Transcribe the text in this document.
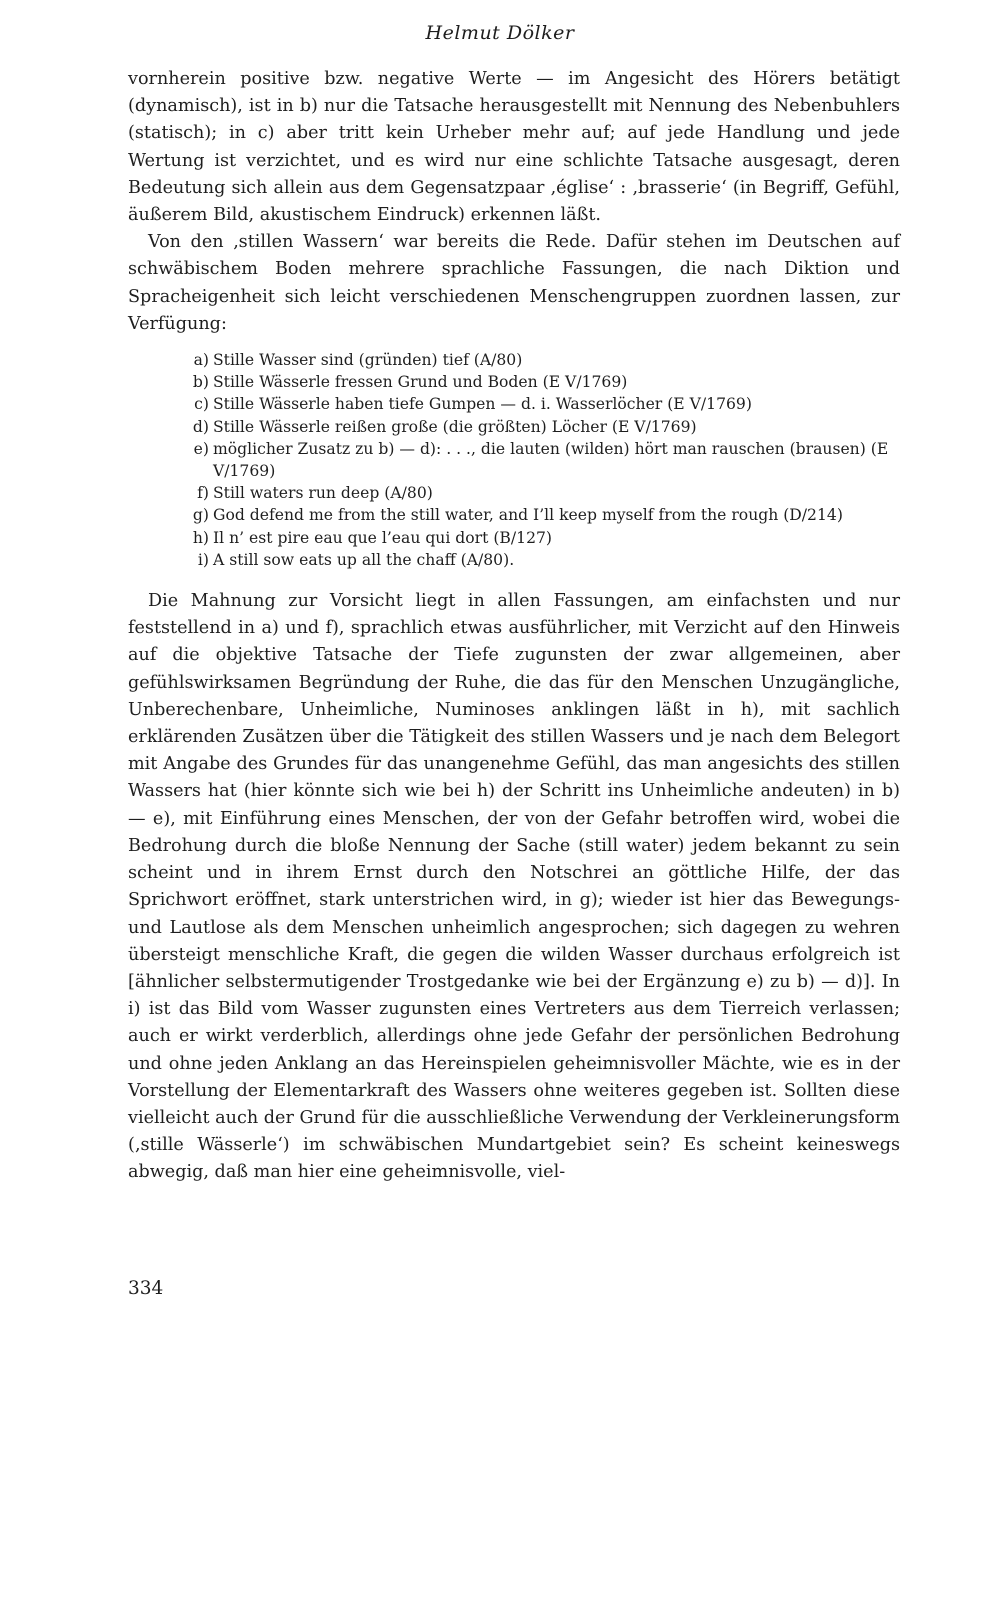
Helmut Dölker

vornherein positive bzw. negative Werte — im Angesicht des Hörers betätigt (dynamisch), ist in b) nur die Tatsache herausgestellt mit Nennung des Nebenbuhlers (statisch); in c) aber tritt kein Urheber mehr auf; auf jede Handlung und jede Wertung ist verzichtet, und es wird nur eine schlichte Tatsache ausgesagt, deren Bedeutung sich allein aus dem Gegensatzpaar ‚église‘ : ‚brasserie‘ (in Begriff, Gefühl, äußerem Bild, akustischem Eindruck) erkennen läßt.

Von den ‚stillen Wassern‘ war bereits die Rede. Dafür stehen im Deutschen auf schwäbischem Boden mehrere sprachliche Fassungen, die nach Diktion und Spracheigenheit sich leicht verschiedenen Menschengruppen zuordnen lassen, zur Verfügung:

a ) Stille Wasser sind (gründen) tief (A/80)
b ) Stille Wässerle fressen Grund und Boden (E V/1769)
c ) Stille Wässerle haben tiefe Gumpen — d. i. Wasserlöcher (E V/1769)
d ) Stille Wässerle reißen große (die größten) Löcher (E V/1769)
e ) möglicher Zusatz zu b) — d): . . ., die lauten (wilden) hört man rauschen (brausen) (E V/1769)
f ) Still waters run deep (A/80)
g ) God defend me from the still water, and I’ll keep myself from the rough (D/214)
h ) Il n’ est pire eau que l’eau qui dort (B/127)
i ) A still sow eats up all the chaff (A/80).

Die Mahnung zur Vorsicht liegt in allen Fassungen, am einfachsten und nur feststellend in a) und f), sprachlich etwas ausführlicher, mit Verzicht auf den Hinweis auf die objektive Tatsache der Tiefe zugunsten der zwar allgemeinen, aber gefühlswirksamen Begründung der Ruhe, die das für den Menschen Unzugängliche, Unberechenbare, Unheimliche, Numinoses anklingen läßt in h), mit sachlich erklärenden Zusätzen über die Tätigkeit des stillen Wassers und je nach dem Belegort mit Angabe des Grundes für das unangenehme Gefühl, das man angesichts des stillen Wassers hat (hier könnte sich wie bei h) der Schritt ins Unheimliche andeuten) in b) — e), mit Einführung eines Menschen, der von der Gefahr betroffen wird, wobei die Bedrohung durch die bloße Nennung der Sache (still water) jedem bekannt zu sein scheint und in ihrem Ernst durch den Notschrei an göttliche Hilfe, der das Sprichwort eröffnet, stark unterstrichen wird, in g); wieder ist hier das Bewegungs- und Lautlose als dem Menschen unheimlich angesprochen; sich dagegen zu wehren übersteigt menschliche Kraft, die gegen die wilden Wasser durchaus erfolgreich ist [ähnlicher selbstermutigender Trostgedanke wie bei der Ergänzung e) zu b) — d)]. In i) ist das Bild vom Wasser zugunsten eines Vertreters aus dem Tierreich verlassen; auch er wirkt verderblich, allerdings ohne jede Gefahr der persönlichen Bedrohung und ohne jeden Anklang an das Hereinspielen geheimnisvoller Mächte, wie es in der Vorstellung der Elementarkraft des Wassers ohne weiteres gegeben ist. Sollten diese vielleicht auch der Grund für die ausschließliche Verwendung der Verkleinerungsform (‚stille Wässerle‘) im schwäbischen Mundartgebiet sein? Es scheint keineswegs abwegig, daß man hier eine geheimnisvolle, viel-

334
